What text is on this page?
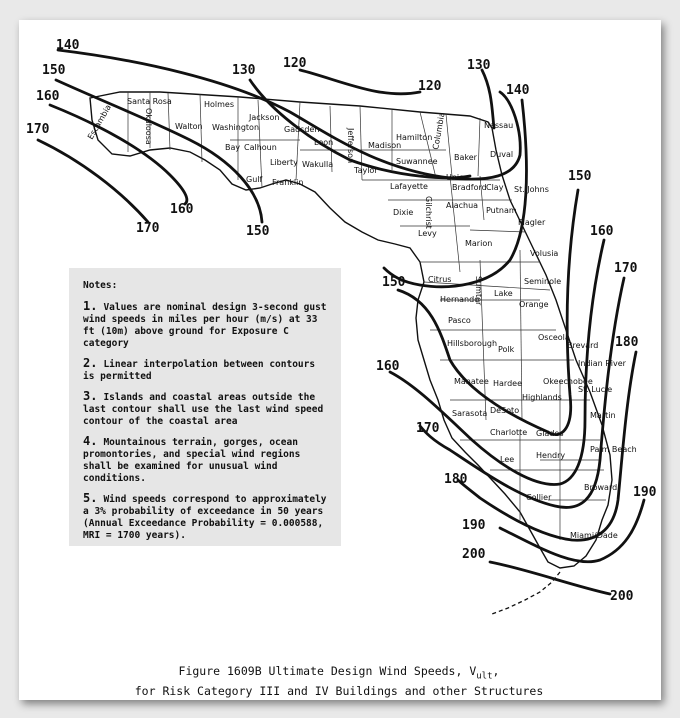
Santa Rosa
Okaloosa
Escambia	Holmes
Walton Washington
Jackson
Gadsden
Bay Calhoun
Liberty
Gulf Franklin
Wakulla
Leon Jefferson Madison
Hamilton
Columbia	Nassau
Baker Duval
Suwannee
Taylor
Lafayette
Union
Bradford Clay St. Johns
Dixie Gilchrist Alachua
Putnam
Flagler
Levy
Marion
Volusia
Citrus	Sumter Lake
Seminole
Orange
Hernando
Pasco
Brevard
Osceola
Hillsborough
Polk
Indian River
Manatee Hardee	Okeechobee
St. Lucie
Highlands
Sarasota DeSoto
Martin
Charlotte Glades
Lee	Hendry
Palm Beach
Broward
Collier
Miami/Dade
140
150
160
170
130 120
120
130
140
170
160
150
150
160
170
180
150
160
170
180
190
190
200
200
Notes:
1. Values are nominal design 3-second gust wind speeds in miles per hour (m/s) at 33 ft (10m) above ground for Exposure C category
2. Linear interpolation between contours is permitted
3. Islands and coastal areas outside the last contour shall use the last wind speed contour of the coastal area
4. Mountainous terrain, gorges, ocean promontories, and special wind regions shall be examined for unusual wind conditions.
5. Wind speeds correspond to approximately a 3% probability of exceedance in 50 years (Annual Exceedance Probability = 0.000588, MRI = 1700 years).
Figure 1609B Ultimate Design Wind Speeds, $V_{ult}$,
for Risk Category III and IV Buildings and other Structures
